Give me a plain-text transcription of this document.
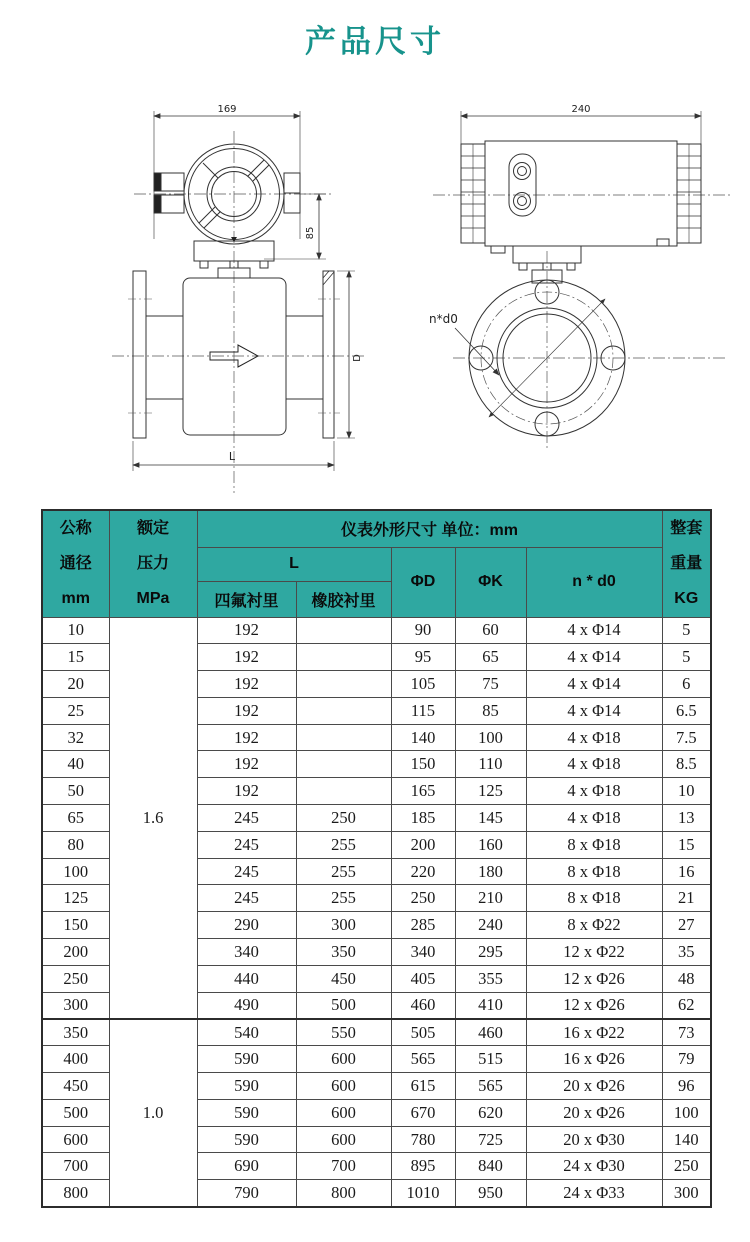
产品尺寸
169
85
L
D
240
n*d0
公称
通径
mm

额定
压力
MPa
	仪表外形尺寸 单位：mm	整套
重量
KG

		L		ΦD	ΦK	n * d0	
		四氟衬里	橡胶衬里				
10	1.6	192		90	60	4 x Φ14	5
15		192		95	65	4 x Φ14	5
20		192		105	75	4 x Φ14	6
25		192		115	85	4 x Φ14	6.5
32		192		140	100	4 x Φ18	7.5
40		192		150	110	4 x Φ18	8.5
50		192		165	125	4 x Φ18	10
65		245	250	185	145	4 x Φ18	13
80		245	255	200	160	8 x Φ18	15
100		245	255	220	180	8 x Φ18	16
125		245	255	250	210	8 x Φ18	21
150		290	300	285	240	8 x Φ22	27
200		340	350	340	295	12 x Φ22	35
250		440	450	405	355	12 x Φ26	48
300		490	500	460	410	12 x Φ26	62
350	1.0	540	550	505	460	16 x Φ22	73
400		590	600	565	515	16 x Φ26	79
450		590	600	615	565	20 x Φ26	96
500		590	600	670	620	20 x Φ26	100
600		590	600	780	725	20 x Φ30	140
700		690	700	895	840	24 x Φ30	250
800		790	800	1010	950	24 x Φ33	300
